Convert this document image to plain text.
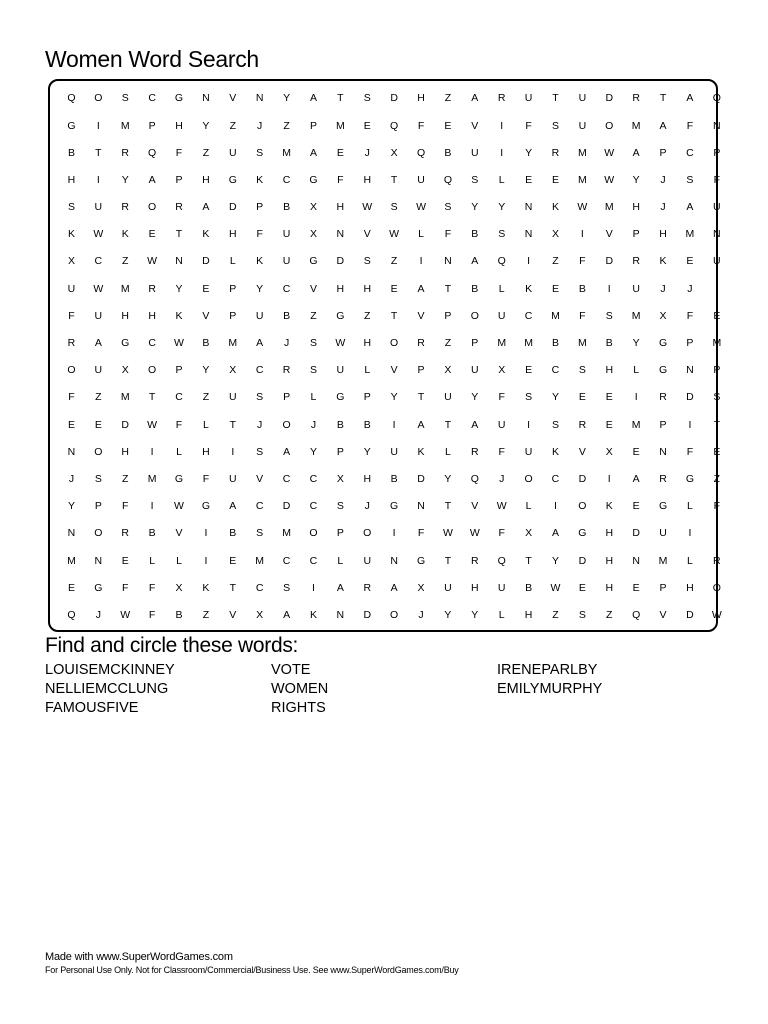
Women Word Search
Q	O	S	C	G	N	V	N	Y	A	T	S	D	H	Z	A	R	U	T	U	D	R	T	A	Q
G	I	M	P	H	Y	Z	J	Z	P	M	E	Q	F	E	V	I	F	S	U	O	M	A	F	N
B	T	R	Q	F	Z	U	S	M	A	E	J	X	Q	B	U	I	Y	R	M	W	A	P	C	P
H	I	Y	A	P	H	G	K	C	G	F	H	T	U	Q	S	L	E	E	M	W	Y	J	S	F
S	U	R	O	R	A	D	P	B	X	H	W	S	W	S	Y	Y	N	K	W	M	H	J	A	U
K	W	K	E	T	K	H	F	U	X	N	V	W	L	F	B	S	N	X	I	V	P	H	M	N
X	C	Z	W	N	D	L	K	U	G	D	S	Z	I	N	A	Q	I	Z	F	D	R	K	E	U
U	W	M	R	Y	E	P	Y	C	V	H	H	E	A	T	B	L	K	E	B	I	U	J	J	I
F	U	H	H	K	V	P	U	B	Z	G	Z	T	V	P	O	U	C	M	F	S	M	X	F	E
R	A	G	C	W	B	M	A	J	S	W	H	O	R	Z	P	M	M	B	M	B	Y	G	P	M
O	U	X	O	P	Y	X	C	R	S	U	L	V	P	X	U	X	E	C	S	H	L	G	N	P
F	Z	M	T	C	Z	U	S	P	L	G	P	Y	T	U	Y	F	S	Y	E	E	I	R	D	S
E	E	D	W	F	L	T	J	O	J	B	B	I	A	T	A	U	I	S	R	E	M	P	I	T
N	O	H	I	L	H	I	S	A	Y	P	Y	U	K	L	R	F	U	K	V	X	E	N	F	E
J	S	Z	M	G	F	U	V	C	C	X	H	B	D	Y	Q	J	O	C	D	I	A	R	G	Z
Y	P	F	I	W	G	A	C	D	C	S	J	G	N	T	V	W	L	I	O	K	E	G	L	F
N	O	R	B	V	I	B	S	M	O	P	O	I	F	W	W	F	X	A	G	H	D	U	I	I
M	N	E	L	L	I	E	M	C	C	L	U	N	G	T	R	Q	T	Y	D	H	N	M	L	R
E	G	F	F	X	K	T	C	S	I	A	R	A	X	U	H	U	B	W	E	H	E	P	H	O
Q	J	W	F	B	Z	V	X	A	K	N	D	O	J	Y	Y	L	H	Z	S	Z	Q	V	D	W
Find and circle these words:
LOUISEMCKINNEY	VOTE	IRENEPARLBY
NELLIEMCCLUNG	WOMEN	EMILYMURPHY
FAMOUSFIVE	RIGHTS
Made with www.SuperWordGames.com
For Personal Use Only. Not for Classroom/Commercial/Business Use. See www.SuperWordGames.com/Buy
